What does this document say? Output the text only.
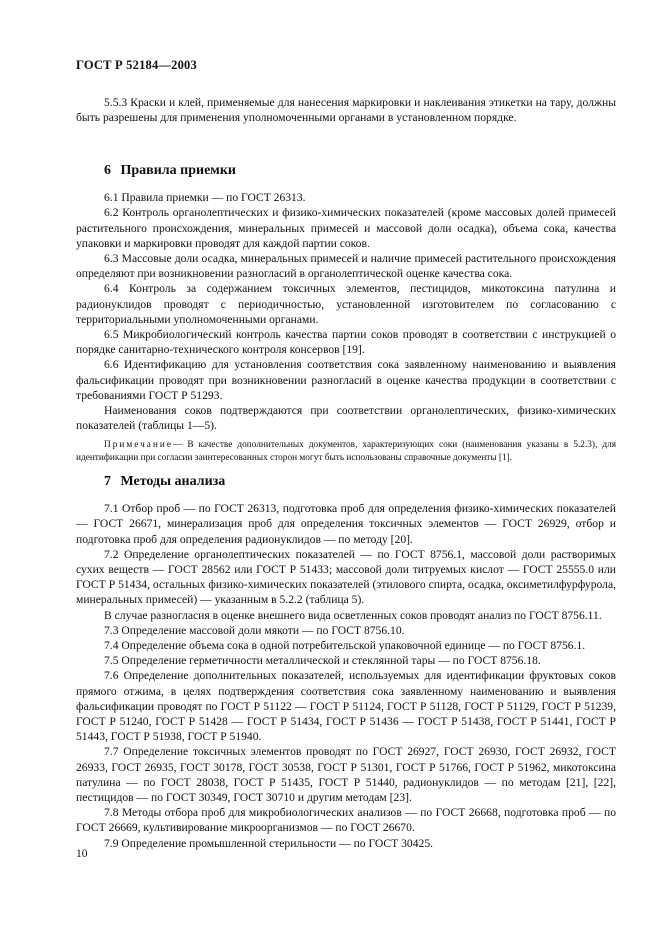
ГОСТ Р 52184—2003

5.5.3 Краски и клей, применяемые для нанесения маркировки и наклеивания этикетки на тару, должны быть разрешены для применения уполномоченными органами в установленном порядке.

6 Правила приемки

6.1 Правила приемки — по ГОСТ 26313.

6.2 Контроль органолептических и физико-химических показателей (кроме массовых долей примесей растительного происхождения, минеральных примесей и массовой доли осадка), объема сока, качества упаковки и маркировки проводят для каждой партии соков.

6.3 Массовые доли осадка, минеральных примесей и наличие примесей растительного происхождения определяют при возникновении разногласий в органолептической оценке качества сока.

6.4 Контроль за содержанием токсичных элементов, пестицидов, микотоксина патулина и радионуклидов проводят с периодичностью, установленной изготовителем по согласованию с территориальными уполномоченными органами.

6.5 Микробиологический контроль качества партии соков проводят в соответствии с инструкцией о порядке санитарно-технического контроля консервов [19].

6.6 Идентификацию для установления соответствия сока заявленному наименованию и выявления фальсификации проводят при возникновении разногласий в оценке качества продукции в соответствии с требованиями ГОСТ Р 51293.

Наименования соков подтверждаются при соответствии органолептических, физико-химических показателей (таблицы 1—5).

Примечание— В качестве дополнительных документов, характеризующих соки (наименования указаны в 5.2.3), для идентификации при согласии заинтересованных сторон могут быть использованы справочные документы [1].

7 Методы анализа

7.1 Отбор проб — по ГОСТ 26313, подготовка проб для определения физико-химических показателей — ГОСТ 26671, минерализация проб для определения токсичных элементов — ГОСТ 26929, отбор и подготовка проб для определения радионуклидов — по методу [20].

7.2 Определение органолептических показателей — по ГОСТ 8756.1, массовой доли растворимых сухих веществ — ГОСТ 28562 или ГОСТ Р 51433; массовой доли титруемых кислот — ГОСТ 25555.0 или ГОСТ Р 51434, остальных физико-химических показателей (этилового спирта, осадка, оксиметилфурфурола, минеральных примесей) — указанным в 5.2.2 (таблица 5).

В случае разногласия в оценке внешнего вида осветленных соков проводят анализ по ГОСТ 8756.11.

7.3 Определение массовой доли мякоти — по ГОСТ 8756.10.

7.4 Определение объема сока в одной потребительской упаковочной единице — по ГОСТ 8756.1.

7.5 Определение герметичности металлической и стеклянной тары — по ГОСТ 8756.18.

7.6 Определение дополнительных показателей, используемых для идентификации фруктовых соков прямого отжима, в целях подтверждения соответствия сока заявленному наименованию и выявления фальсификации проводят по ГОСТ Р 51122 — ГОСТ Р 51124, ГОСТ Р 51128, ГОСТ Р 51129, ГОСТ Р 51239, ГОСТ Р 51240, ГОСТ Р 51428 — ГОСТ Р 51434, ГОСТ Р 51436 — ГОСТ Р 51438, ГОСТ Р 51441, ГОСТ Р 51443, ГОСТ Р 51938, ГОСТ Р 51940.

7.7 Определение токсичных элементов проводят по ГОСТ 26927, ГОСТ 26930, ГОСТ 26932, ГОСТ 26933, ГОСТ 26935, ГОСТ 30178, ГОСТ 30538, ГОСТ Р 51301, ГОСТ Р 51766, ГОСТ Р 51962, микотоксина патулина — по ГОСТ 28038, ГОСТ Р 51435, ГОСТ Р 51440, радионуклидов — по методам [21], [22], пестицидов — по ГОСТ 30349, ГОСТ 30710 и другим методам [23].

7.8 Методы отбора проб для микробиологических анализов — по ГОСТ 26668, подготовка проб — по ГОСТ 26669, культивирование микроорганизмов — по ГОСТ 26670.

7.9 Определение промышленной стерильности — по ГОСТ 30425.

10
